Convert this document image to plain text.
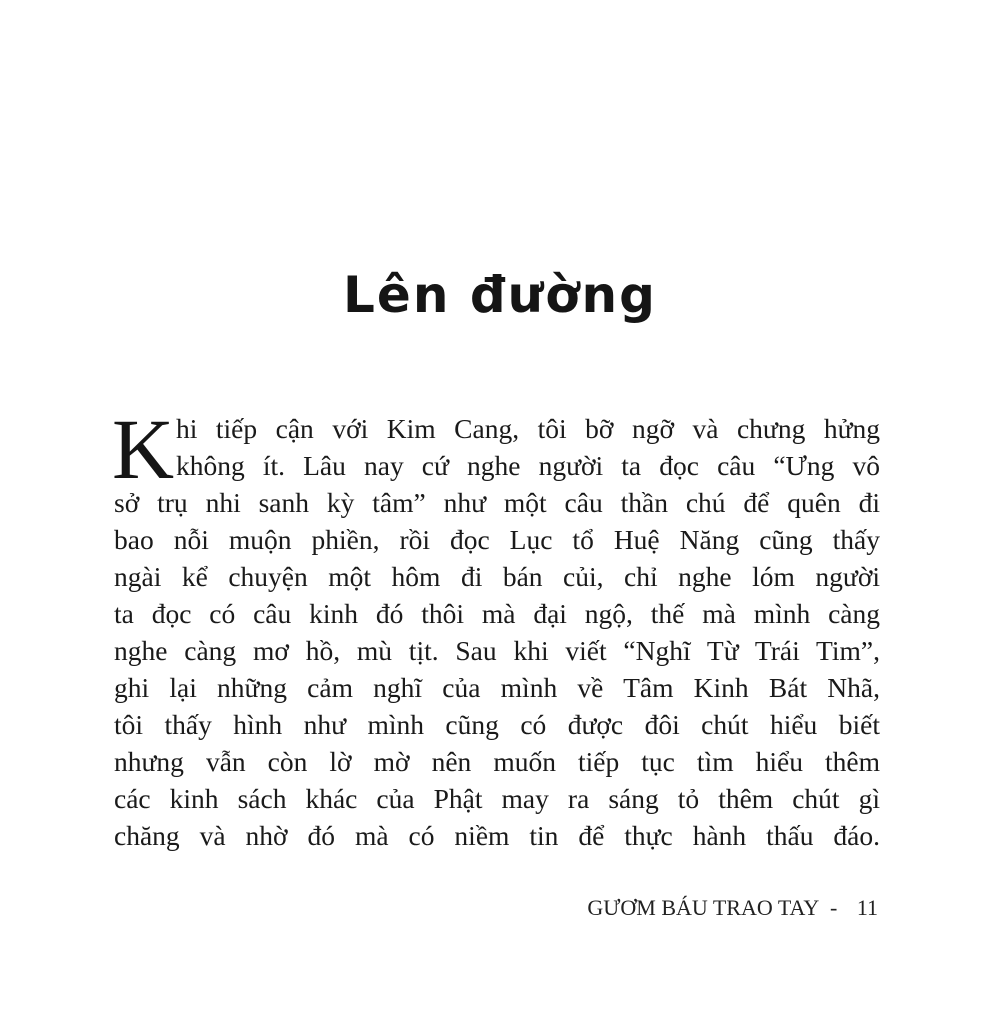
Lên đường
K hi tiếp cận với Kim Cang, tôi bỡ ngỡ và chưng hửng
không ít. Lâu nay cứ nghe người ta đọc câu “Ưng vô
sở trụ nhi sanh kỳ tâm” như một câu thần chú để quên đi
bao nỗi muộn phiền, rồi đọc Lục tổ Huệ Năng cũng thấy
ngài kể chuyện một hôm đi bán củi, chỉ nghe lóm người
ta đọc có câu kinh đó thôi mà đại ngộ, thế mà mình càng
nghe càng mơ hồ, mù tịt. Sau khi viết “Nghĩ Từ Trái Tim”,
ghi lại những cảm nghĩ của mình về Tâm Kinh Bát Nhã,
tôi thấy hình như mình cũng có được đôi chút hiểu biết
nhưng vẫn còn lờ mờ nên muốn tiếp tục tìm hiểu thêm
các kinh sách khác của Phật may ra sáng tỏ thêm chút gì
chăng và nhờ đó mà có niềm tin để thực hành thấu đáo.
GƯƠM BÁU TRAO TAY - 11
